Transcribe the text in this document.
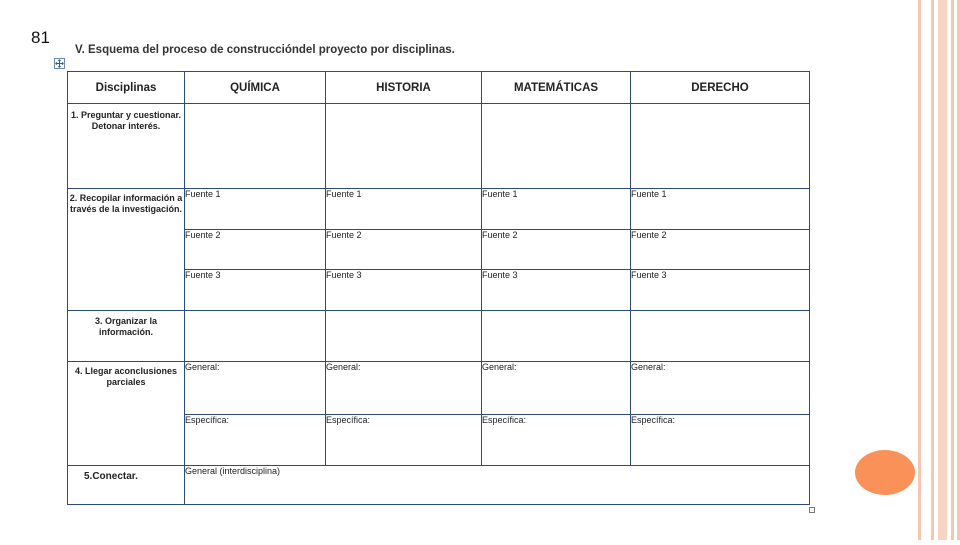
81
V. Esquema del proceso de construccióndel proyecto por disciplinas.
Disciplinas	QUÍMICA	HISTORIA	MATEMÁTICAS	DERECHO
1. Preguntar y cuestionar. Detonar interés.				
2. Recopilar información a través de la investigación.	Fuente 1	Fuente 1	Fuente 1	Fuente 1
	Fuente 2	Fuente 2	Fuente 2	Fuente 2
	Fuente 3	Fuente 3	Fuente 3	Fuente 3
3. Organizar la información.				
4. Llegar aconclusiones parciales	General:	General:	General:	General:
	Específica:	Específica:	Específica:	Específica:
5.Conectar.	General (interdisciplina)			
